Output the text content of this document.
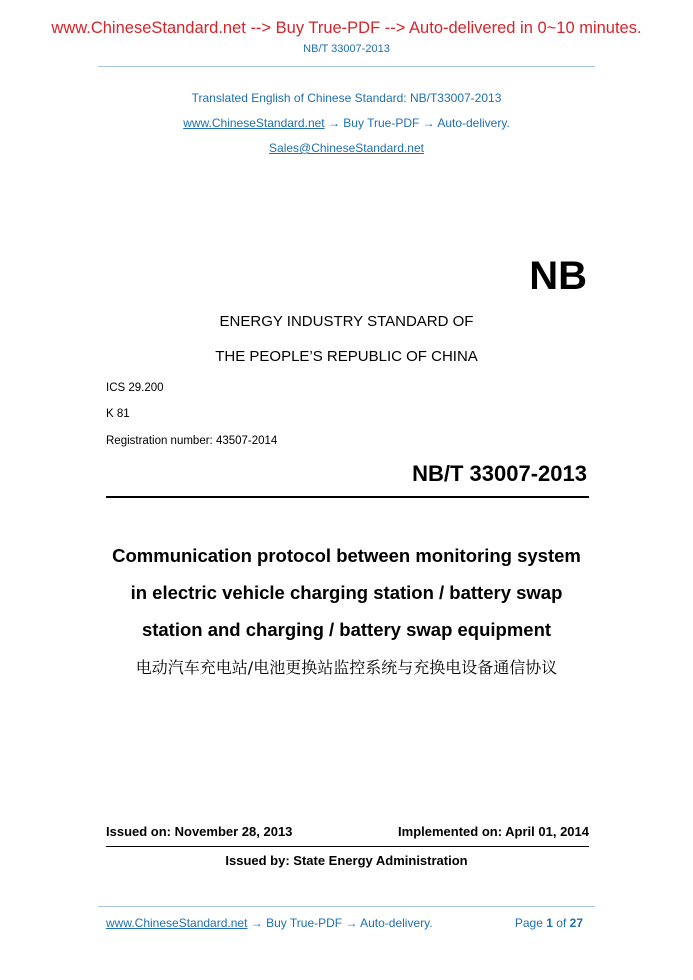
www.ChineseStandard.net --> Buy True-PDF --> Auto-delivered in 0~10 minutes.
NB/T 33007-2013
Translated English of Chinese Standard: NB/T33007-2013
www.ChineseStandard.net → Buy True-PDF → Auto-delivery.
Sales@ChineseStandard.net
NB
ENERGY INDUSTRY STANDARD OF
THE PEOPLE’S REPUBLIC OF CHINA
ICS 29.200
K 81
Registration number: 43507-2014
NB/T 33007-2013
Communication protocol between monitoring system
in electric vehicle charging station / battery swap
station and charging / battery swap equipment
电动汽车充电站/电池更换站监控系统与充换电设备通信协议
Issued on: November 28, 2013	Implemented on: April 01, 2014
Issued by: State Energy Administration
www.ChineseStandard.net → Buy True-PDF → Auto-delivery.	Page 1 of 27
